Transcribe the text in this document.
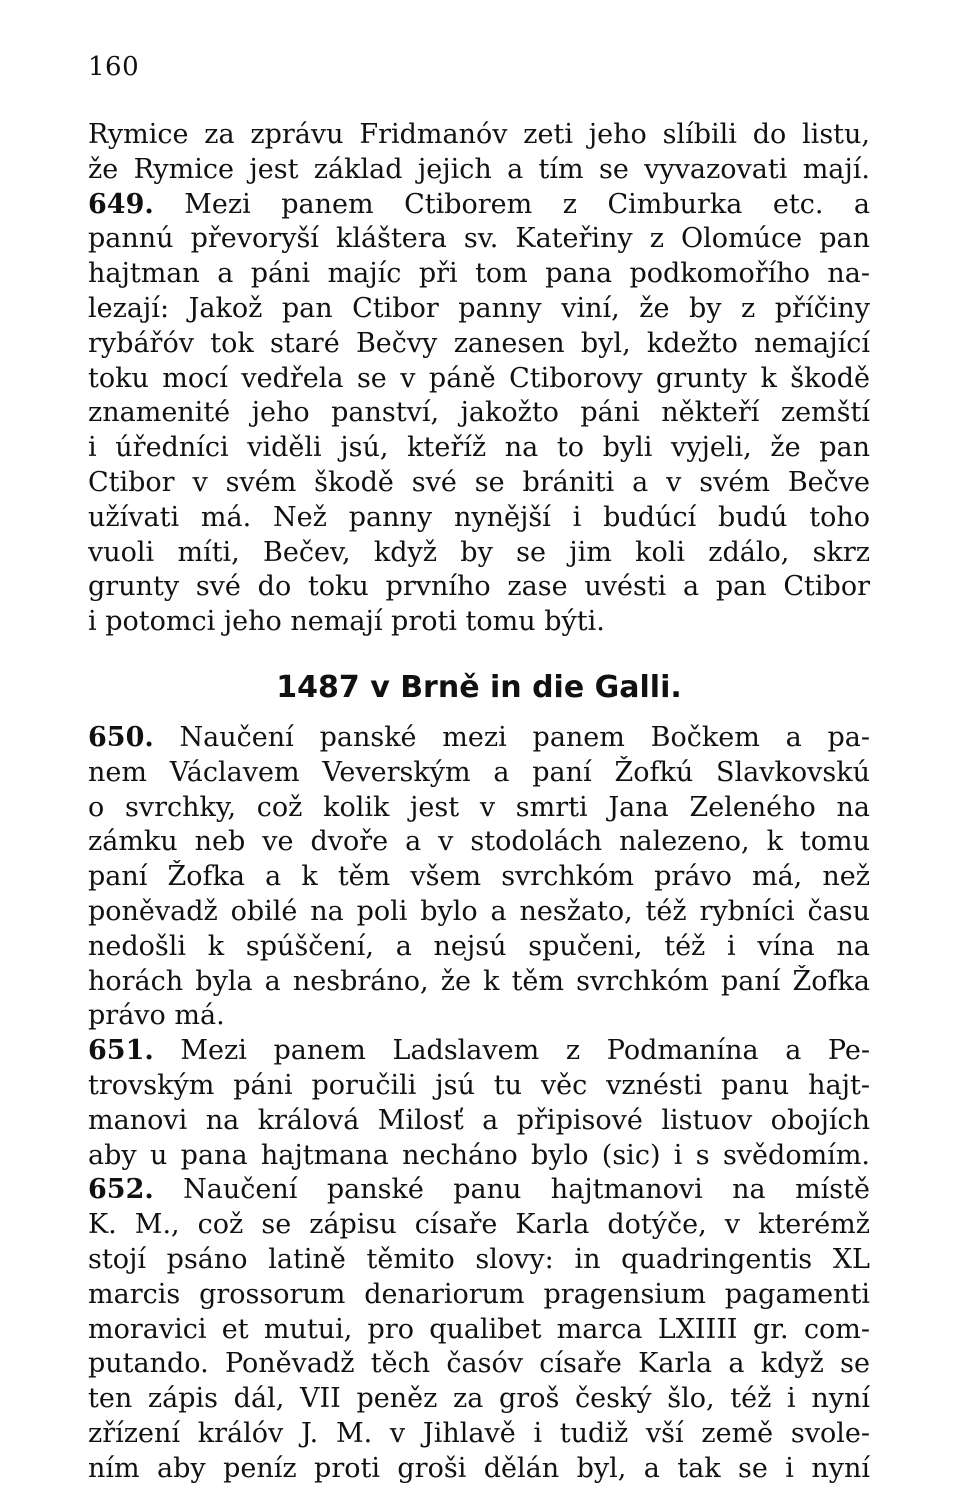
160

Rymice za zprávu Fridmanóv zeti jeho slíbili do listu,
že Rymice jest základ jejich a tím se vyvazovati mají.
649. Mezi panem Ctiborem z Cimburka etc. a
pannú převoryší kláštera sv. Kateřiny z Olomúce pan
hajtman a páni majíc při tom pana podkomořího na-
lezají: Jakož pan Ctibor panny viní, že by z příčiny
rybářóv tok staré Bečvy zanesen byl, kdežto nemající
toku mocí vedřela se v páně Ctiborovy grunty k škodě
znamenité jeho panství, jakožto páni někteří zemští
i úředníci viděli jsú, kteříž na to byli vyjeli, že pan
Ctibor v svém škodě své se brániti a v svém Bečve
užívati má. Než panny nynější i budúcí budú toho
vuoli míti, Bečev, když by se jim koli zdálo, skrz
grunty své do toku prvního zase uvésti a pan Ctibor
i potomci jeho nemají proti tomu býti.
1487 v Brně in die Galli.
650. Naučení panské mezi panem Bočkem a pa-
nem Václavem Veverským a paní Žofkú Slavkovskú
o svrchky, což kolik jest v smrti Jana Zeleného na
zámku neb ve dvoře a v stodolách nalezeno, k tomu
paní Žofka a k těm všem svrchkóm právo má, než
poněvadž obilé na poli bylo a nesžato, též rybníci času
nedošli k spúščení, a nejsú spučeni, též i vína na
horách byla a nesbráno, že k těm svrchkóm paní Žofka
právo má.
651. Mezi panem Ladslavem z Podmanína a Pe-
trovským páni poručili jsú tu věc vznésti panu hajt-
manovi na králová Milosť a připisové listuov obojích
aby u pana hajtmana necháno bylo (sic) i s svědomím.
652. Naučení panské panu hajtmanovi na místě
K. M., což se zápisu císaře Karla dotýče, v kterémž
stojí psáno latině těmito slovy: in quadringentis XL
marcis grossorum denariorum pragensium pagamenti
moravici et mutui, pro qualibet marca LXIIII gr. com-
putando. Poněvadž těch časóv císaře Karla a když se
ten zápis dál, VII peněz za groš český šlo, též i nyní
zřízení králóv J. M. v Jihlavě i tudiž vší země svole-
ním aby peníz proti groši dělán byl, a tak se i nyní
